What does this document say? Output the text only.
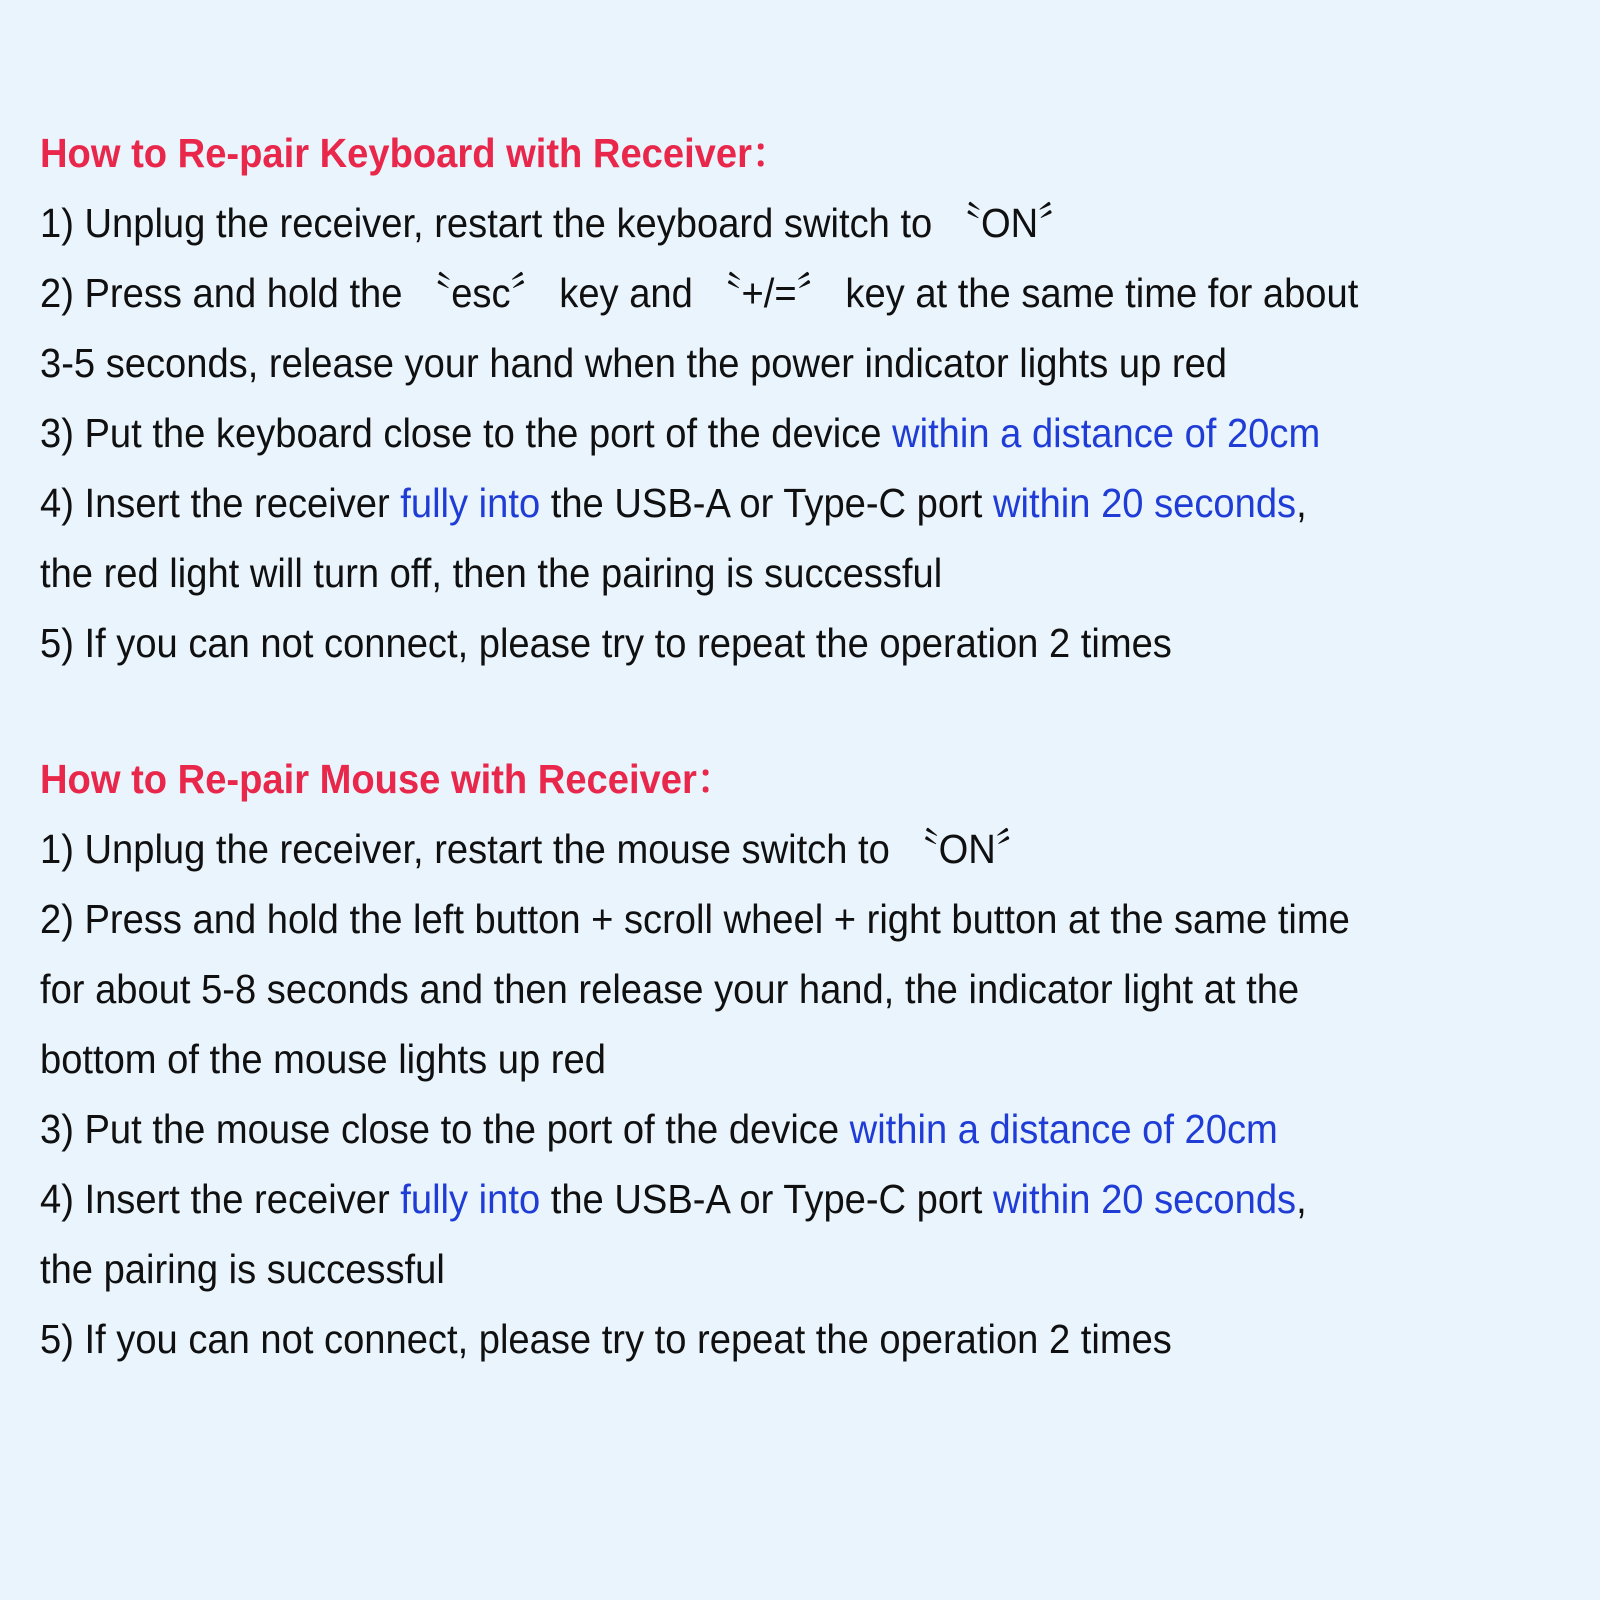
How to Re-pair Keyboard with Receiver：
1) Unplug the receiver, restart the keyboard switch to 〝ON〞
2) Press and hold the 〝esc〞 key and 〝+/=〞 key at the same time for about
3-5 seconds, release your hand when the power indicator lights up red
3) Put the keyboard close to the port of the device within a distance of 20cm
4) Insert the receiver fully into the USB-A or Type-C port within 20 seconds,
the red light will turn off, then the pairing is successful
5) If you can not connect, please try to repeat the operation 2 times
How to Re-pair Mouse with Receiver：
1) Unplug the receiver, restart the mouse switch to 〝ON〞
2) Press and hold the left button + scroll wheel + right button at the same time
for about 5-8 seconds and then release your hand, the indicator light at the
bottom of the mouse lights up red
3) Put the mouse close to the port of the device within a distance of 20cm
4) Insert the receiver fully into the USB-A or Type-C port within 20 seconds,
the pairing is successful
5) If you can not connect, please try to repeat the operation 2 times
